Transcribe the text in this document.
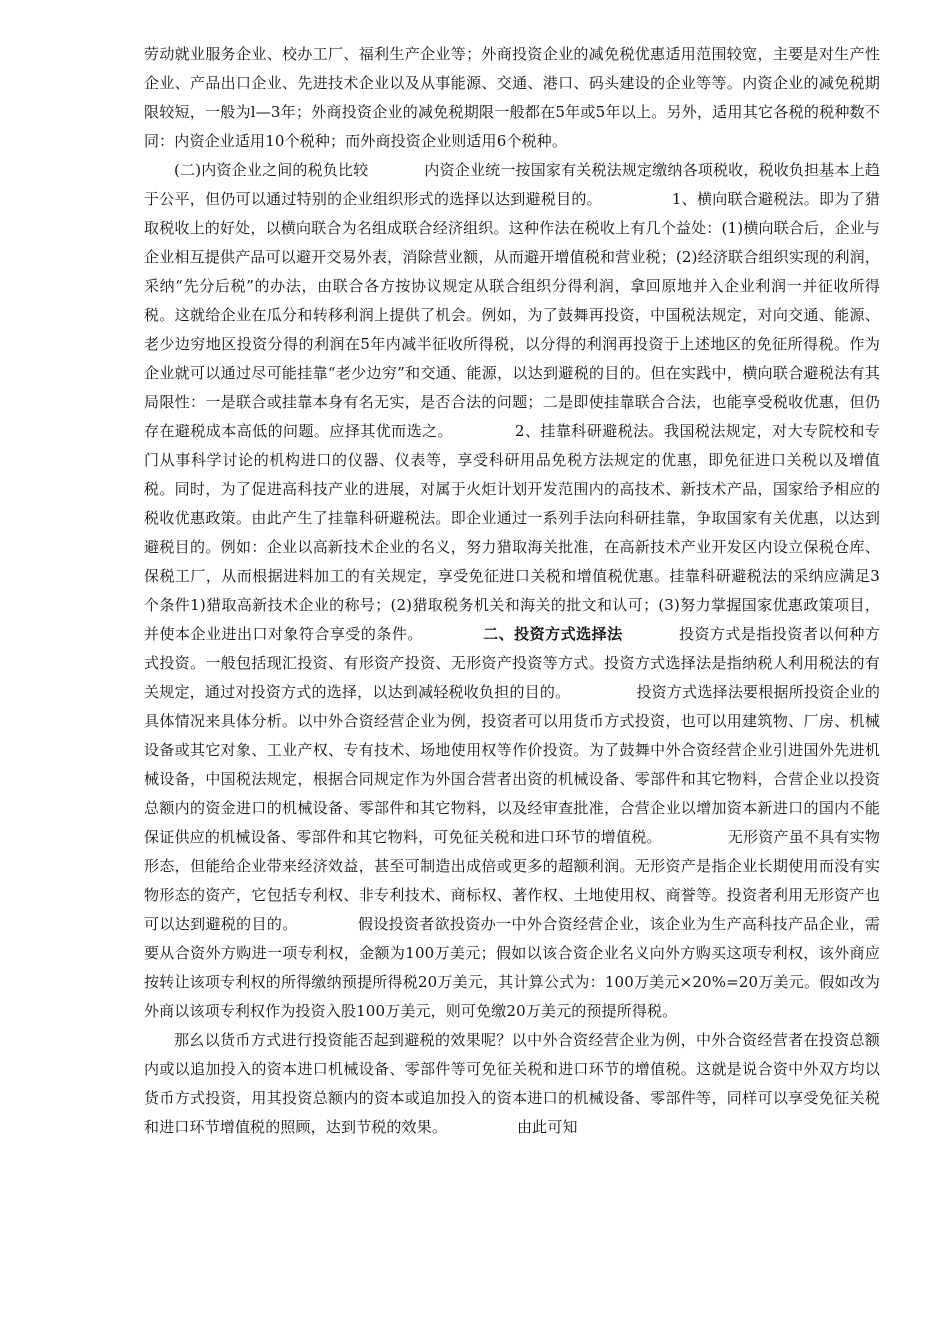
劳动就业服务企业、校办工厂、福利生产企业等；外商投资企业的减免税优惠适用范围较宽，主要是对生产性企业、产品出口企业、先进技术企业以及从事能源、交通、港口、码头建设的企业等等。内资企业的减免税期限较短，一般为l—3年；外商投资企业的减免税期限一般都在5年或5年以上。另外，适用其它各税的税种数不同：内资企业适用10个税种；而外商投资企业则适用6个税种。

(二)内资企业之间的税负比较	内资企业统一按国家有关税法规定缴纳各项税收，税收负担基本上趋于公平，但仍可以通过特别的企业组织形式的选择以达到避税目的。	1、横向联合避税法。即为了猎取税收上的好处，以横向联合为名组成联合经济组织。这种作法在税收上有几个益处：(1)横向联合后，企业与企业相互提供产品可以避开交易外表，消除营业额，从而避开增值税和营业税；(2)经济联合组织实现的利润，采纳“先分后税”的办法，由联合各方按协议规定从联合组织分得利润，拿回原地并入企业利润一并征收所得税。这就给企业在瓜分和转移利润上提供了机会。例如，为了鼓舞再投资，中国税法规定，对向交通、能源、老少边穷地区投资分得的利润在5年内减半征收所得税，以分得的利润再投资于上述地区的免征所得税。作为企业就可以通过尽可能挂靠“老少边穷”和交通、能源，以达到避税的目的。但在实践中，横向联合避税法有其局限性：一是联合或挂靠本身有名无实，是否合法的问题；二是即使挂靠联合合法，也能享受税收优惠，但仍存在避税成本高低的问题。应择其优而选之。	2、挂靠科研避税法。我国税法规定，对大专院校和专门从事科学讨论的机构进口的仪器、仪表等，享受科研用品免税方法规定的优惠，即免征进口关税以及增值税。同时，为了促进高科技产业的进展，对属于火炬计划开发范围内的高技术、新技术产品，国家给予相应的税收优惠政策。由此产生了挂靠科研避税法。即企业通过一系列手法向科研挂靠，争取国家有关优惠，以达到避税目的。例如：企业以高新技术企业的名义，努力猎取海关批准，在高新技术产业开发区内设立保税仓库、保税工厂，从而根据进料加工的有关规定，享受免征进口关税和增值税优惠。挂靠科研避税法的采纳应满足3个条件1)猎取高新技术企业的称号；(2)猎取税务机关和海关的批文和认可；(3)努力掌握国家优惠政策项目，并使本企业进出口对象符合享受的条件。	二、投资方式选择法	投资方式是指投资者以何种方式投资。一般包括现汇投资、有形资产投资、无形资产投资等方式。投资方式选择法是指纳税人利用税法的有关规定，通过对投资方式的选择，以达到减轻税收负担的目的。	投资方式选择法要根据所投资企业的具体情况来具体分析。以中外合资经营企业为例，投资者可以用货币方式投资，也可以用建筑物、厂房、机械设备或其它对象、工业产权、专有技术、场地使用权等作价投资。为了鼓舞中外合资经营企业引进国外先进机械设备，中国税法规定，根据合同规定作为外国合营者出资的机械设备、零部件和其它物料，合营企业以投资总额内的资金进口的机械设备、零部件和其它物料，以及经审查批准，合营企业以增加资本新进口的国内不能保证供应的机械设备、零部件和其它物料，可免征关税和进口环节的增值税。	无形资产虽不具有实物形态，但能给企业带来经济效益，甚至可制造出成倍或更多的超额利润。无形资产是指企业长期使用而没有实物形态的资产，它包括专利权、非专利技术、商标权、著作权、土地使用权、商誉等。投资者利用无形资产也可以达到避税的目的。	假设投资者欲投资办一中外合资经营企业，该企业为生产高科技产品企业，需要从合资外方购进一项专利权，金额为100万美元；假如以该合资企业名义向外方购买这项专利权，该外商应按转让该项专利权的所得缴纳预提所得税20万美元，其计算公式为：100万美元×20%=20万美元。假如改为外商以该项专利权作为投资入股100万美元，则可免缴20万美元的预提所得税。

那幺以货币方式进行投资能否起到避税的效果呢？以中外合资经营企业为例，中外合资经营者在投资总额内或以追加投入的资本进口机械设备、零部件等可免征关税和进口环节的增值税。这就是说合资中外双方均以货币方式投资，用其投资总额内的资本或追加投入的资本进口的机械设备、零部件等，同样可以享受免征关税和进口环节增值税的照顾，达到节税的效果。	由此可知
